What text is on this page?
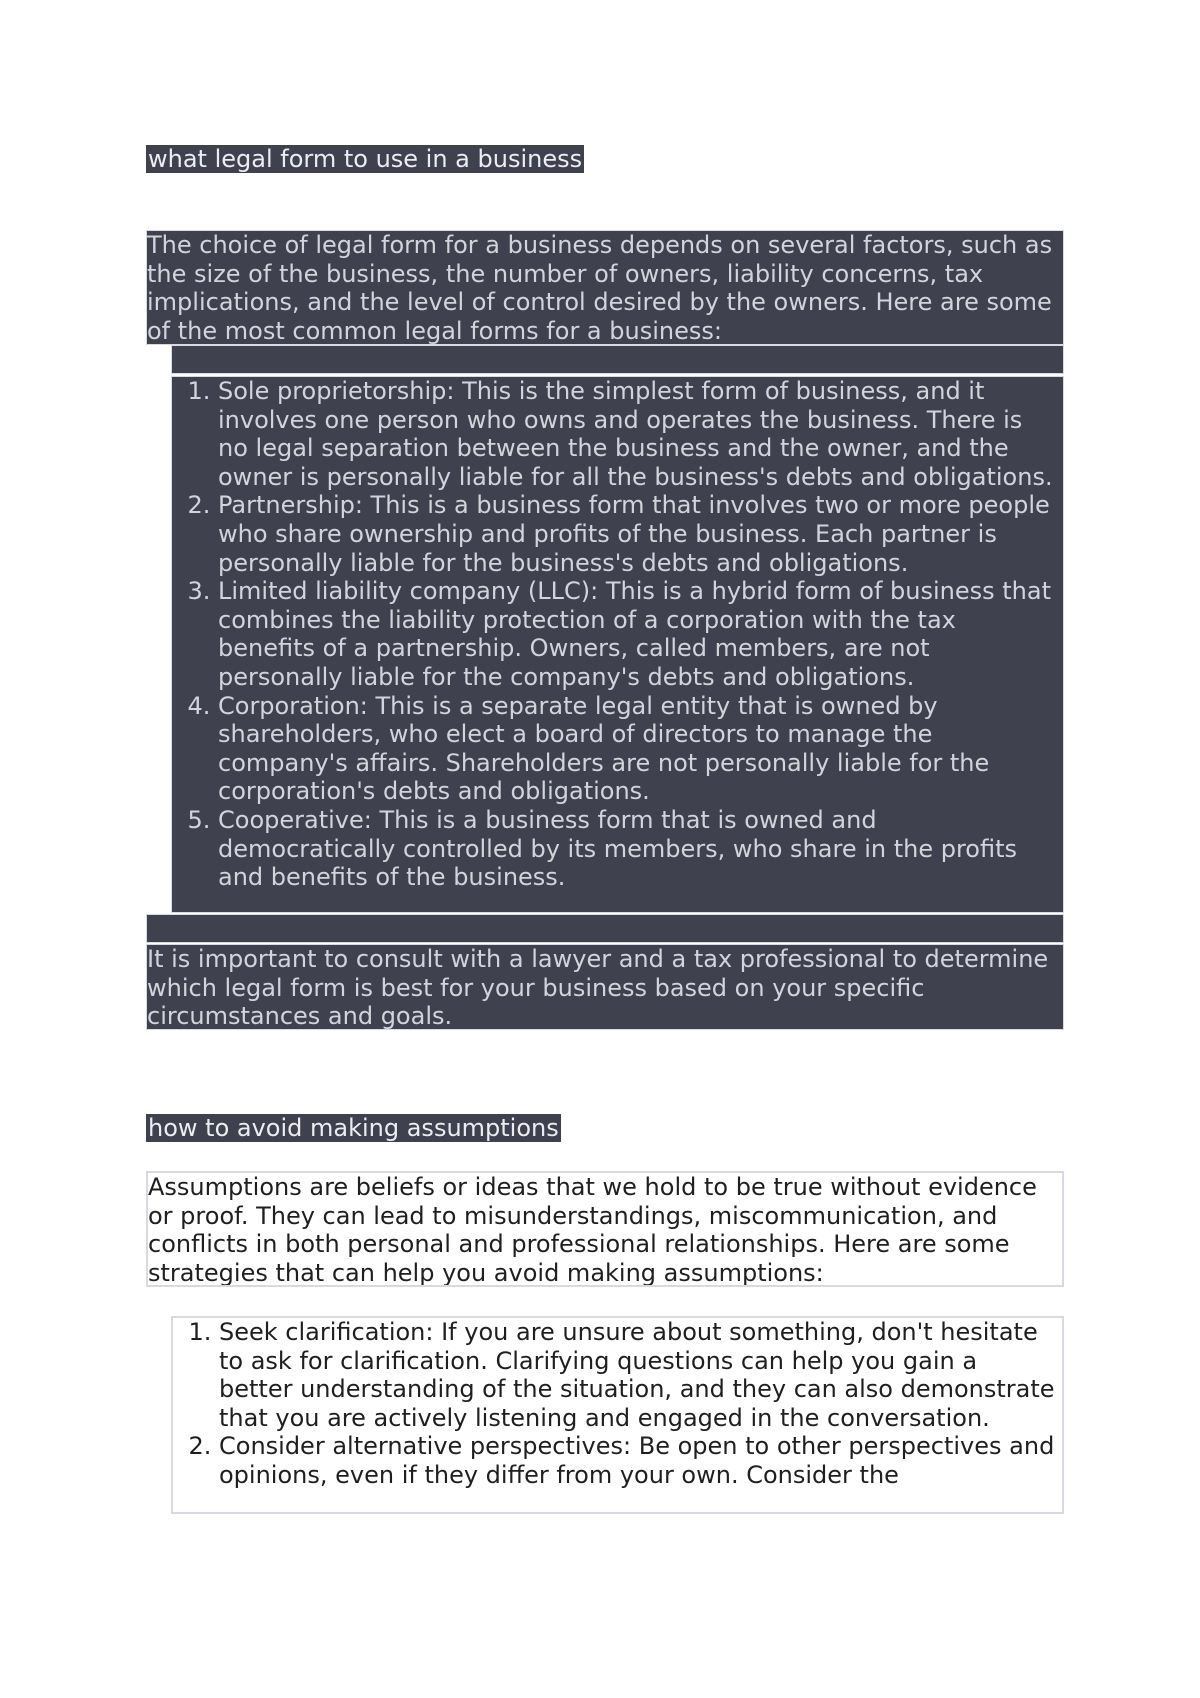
what legal form to use in a business

The choice of legal form for a business depends on several factors, such as the size of the business, the number of owners, liability concerns, tax implications, and the level of control desired by the owners. Here are some of the most common legal forms for a business:

1. Sole proprietorship: This is the simplest form of business, and it involves one person who owns and operates the business. There is no legal separation between the business and the owner, and the owner is personally liable for all the business's debts and obligations.
2. Partnership: This is a business form that involves two or more people who share ownership and profits of the business. Each partner is personally liable for the business's debts and obligations.
3. Limited liability company (LLC): This is a hybrid form of business that combines the liability protection of a corporation with the tax benefits of a partnership. Owners, called members, are not personally liable for the company's debts and obligations.
4. Corporation: This is a separate legal entity that is owned by shareholders, who elect a board of directors to manage the company's affairs. Shareholders are not personally liable for the corporation's debts and obligations.
5. Cooperative: This is a business form that is owned and democratically controlled by its members, who share in the profits and benefits of the business.

It is important to consult with a lawyer and a tax professional to determine which legal form is best for your business based on your specific circumstances and goals.

how to avoid making assumptions

Assumptions are beliefs or ideas that we hold to be true without evidence or proof. They can lead to misunderstandings, miscommunication, and conflicts in both personal and professional relationships. Here are some strategies that can help you avoid making assumptions:

1. Seek clarification: If you are unsure about something, don't hesitate to ask for clarification. Clarifying questions can help you gain a better understanding of the situation, and they can also demonstrate that you are actively listening and engaged in the conversation.
2. Consider alternative perspectives: Be open to other perspectives and opinions, even if they differ from your own. Consider the
